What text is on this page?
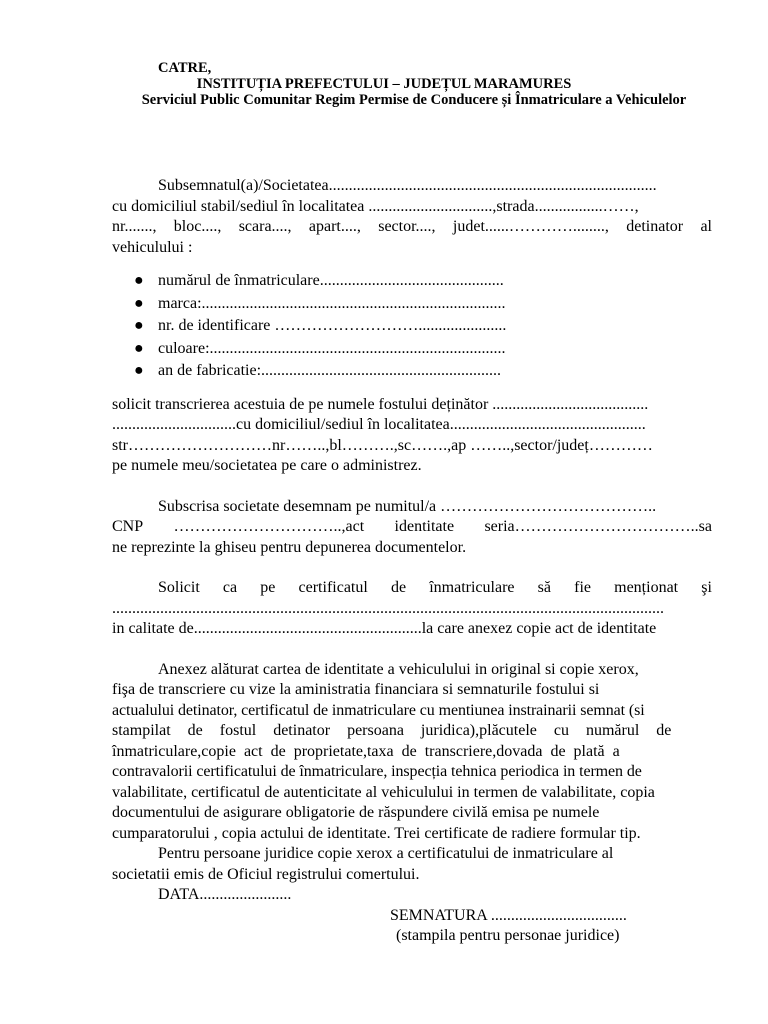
CATRE,
INSTITUȚIA PREFECTULUI – JUDEȚUL MARAMURES
Serviciul Public Comunitar Regim Permise de Conducere și Înmatriculare a Vehiculelor
Subsemnatul(a)/Societatea..................................................................................
cu domiciliul stabil/sediul în localitatea ...............................,strada.................……,
nr......., bloc...., scara...., apart...., sector...., judet......…………........, detinator al
vehiculului :
● numărul de înmatriculare..............................................
● marca:............................................................................
● nr. de identificare ………………………......................
● culoare:..........................................................................
● an de fabricatie:............................................................
solicit transcrierea acestuia de pe numele fostului deținător .......................................
...............................cu domiciliul/sediul în localitatea.................................................
str………………………nr……..,bl……….,sc…….,ap ……..,sector/județ…………
pe numele meu/societatea pe care o administrez.
Subscrisa societate desemnam pe numitul/a …………………………………..
CNP …………………………..,act identitate seria……………………………..sa
ne reprezinte la ghiseu pentru depunerea documentelor.
Solicit ca pe certificatul de înmatriculare să fie menționat şi
..........................................................................................................................................
in calitate de.........................................................la care anexez copie act de identitate
Anexez alăturat cartea de identitate a vehiculului in original si copie xerox,
fişa de transcriere cu vize la aministratia financiara si semnaturile fostului si
actualului detinator, certificatul de inmatriculare cu mentiunea instrainarii semnat (si
stampilat de fostul detinator persoana juridica),plăcutele cu numărul de
înmatriculare,copie act de proprietate,taxa de transcriere,dovada de plată a
contravalorii certificatului de înmatriculare, inspecția tehnica periodica in termen de
valabilitate, certificatul de autenticitate al vehiculului in termen de valabilitate, copia
documentului de asigurare obligatorie de răspundere civilă emisa pe numele
cumparatorului , copia actului de identitate. Trei certificate de radiere formular tip.
Pentru persoane juridice copie xerox a certificatului de inmatriculare al
societatii emis de Oficiul registrului comertului.
DATA.......................
SEMNATURA ..................................
(stampila pentru personae juridice)
